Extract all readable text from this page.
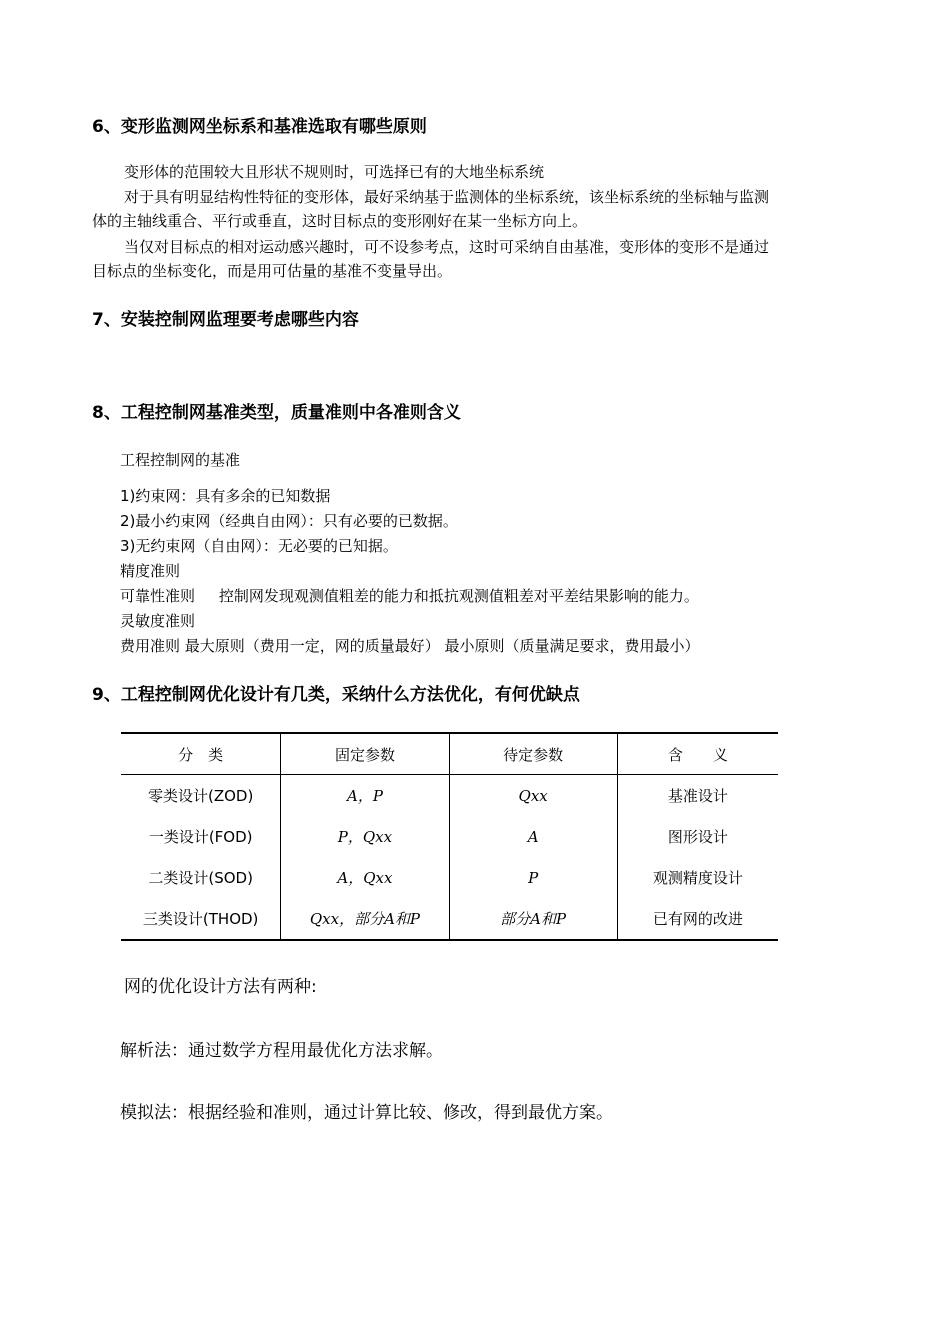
6、变形监测网坐标系和基准选取有哪些原则
变形体的范围较大且形状不规则时，可选择已有的大地坐标系统
对于具有明显结构性特征的变形体，最好采纳基于监测体的坐标系统，该坐标系统的坐标轴与监测
体的主轴线重合、平行或垂直，这时目标点的变形刚好在某一坐标方向上。
当仅对目标点的相对运动感兴趣时，可不设参考点，这时可采纳自由基准，变形体的变形不是通过
目标点的坐标变化，而是用可估量的基准不变量导出。
7、安装控制网监理要考虑哪些内容
8、工程控制网基准类型，质量准则中各准则含义
工程控制网的基准
1)约束网：具有多余的已知数据
2)最小约束网（经典自由网）：只有必要的已数据。
3)无约束网（自由网）：无必要的已知据。
精度准则
可靠性准则     控制网发现观测值粗差的能力和抵抗观测值粗差对平差结果影响的能力。
灵敏度准则
费用准则 最大原则（费用一定，网的质量最好） 最小原则（质量满足要求，费用最小）
9、工程控制网优化设计有几类，采纳什么方法优化，有何优缺点
分　类	固定参数	待定参数	含　　义
零类设计(ZOD)	A，P	Qxx	基准设计
一类设计(FOD)	P，Qxx	A	图形设计
二类设计(SOD)	A，Qxx	P	观测精度设计
三类设计(THOD)	Qxx，部分A和P	部分A和P	已有网的改进
网的优化设计方法有两种:
解析法：通过数学方程用最优化方法求解。
模拟法：根据经验和准则，通过计算比较、修改，得到最优方案。
